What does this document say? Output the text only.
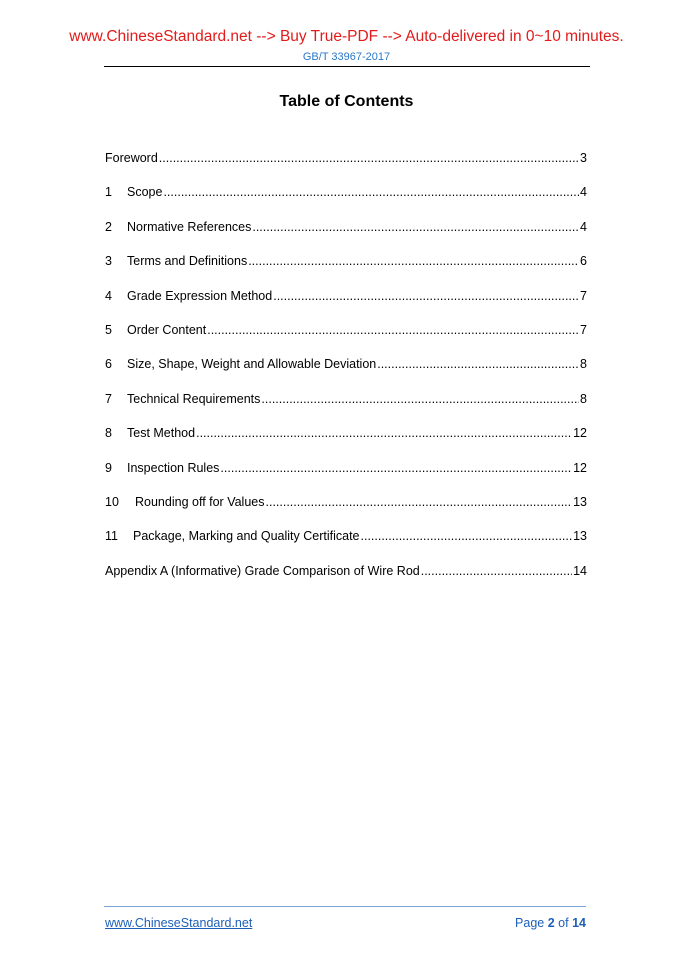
www.ChineseStandard.net --> Buy True-PDF --> Auto-delivered in 0~10 minutes.
GB/T 33967-2017
Table of Contents
Foreword .....	3
1	Scope .....	4
2	Normative References .....	4
3	Terms and Definitions .....	6
4	Grade Expression Method .....	7
5	Order Content .....	7
6	Size, Shape, Weight and Allowable Deviation .....	8
7	Technical Requirements .....	8
8	Test Method .....	12
9	Inspection Rules .....	12
10	Rounding off for Values .....	13
11	Package, Marking and Quality Certificate .....	13
Appendix A (Informative) Grade Comparison of Wire Rod .....	14
www.ChineseStandard.net	Page 2 of 14
